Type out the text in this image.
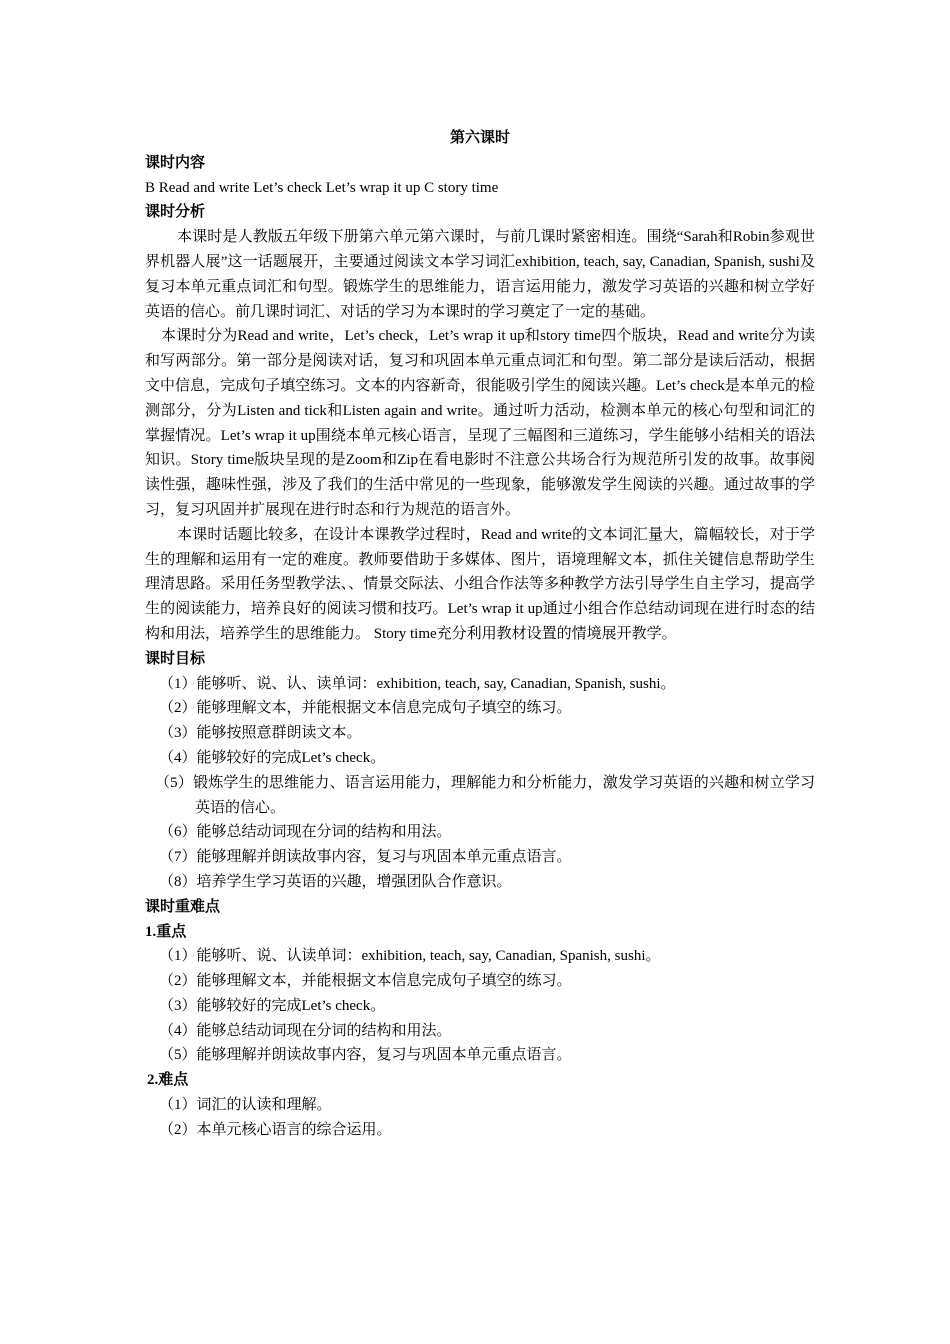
第六课时
课时内容
B Read and write Let’s check Let’s wrap it up C story time
课时分析
本课时是人教版五年级下册第六单元第六课时，与前几课时紧密相连。围绕“Sarah和Robin参观世界机器人展”这一话题展开，主要通过阅读文本学习词汇exhibition, teach, say, Canadian, Spanish, sushi及复习本单元重点词汇和句型。锻炼学生的思维能力，语言运用能力，激发学习英语的兴趣和树立学好英语的信心。前几课时词汇、对话的学习为本课时的学习奠定了一定的基础。
本课时分为Read and write，Let’s check，Let’s wrap it up和story time四个版块，Read and write分为读和写两部分。第一部分是阅读对话，复习和巩固本单元重点词汇和句型。第二部分是读后活动，根据文中信息，完成句子填空练习。文本的内容新奇，很能吸引学生的阅读兴趣。Let’s check是本单元的检测部分，分为Listen and tick和Listen again and write。通过听力活动，检测本单元的核心句型和词汇的掌握情况。Let’s wrap it up围绕本单元核心语言，呈现了三幅图和三道练习，学生能够小结相关的语法知识。Story time版块呈现的是Zoom和Zip在看电影时不注意公共场合行为规范所引发的故事。故事阅读性强，趣味性强，涉及了我们的生活中常见的一些现象，能够激发学生阅读的兴趣。通过故事的学习，复习巩固并扩展现在进行时态和行为规范的语言外。
本课时话题比较多，在设计本课教学过程时，Read and write的文本词汇量大，篇幅较长，对于学生的理解和运用有一定的难度。教师要借助于多媒体、图片，语境理解文本，抓住关键信息帮助学生理清思路。采用任务型教学法、、情景交际法、小组合作法等多种教学方法引导学生自主学习，提高学生的阅读能力，培养良好的阅读习惯和技巧。Let’s wrap it up通过小组合作总结动词现在进行时态的结构和用法，培养学生的思维能力。 Story time充分利用教材设置的情境展开教学。
课时目标
（1）能够听、说、认、读单词：exhibition, teach, say, Canadian, Spanish, sushi。
（2）能够理解文本，并能根据文本信息完成句子填空的练习。
（3）能够按照意群朗读文本。
（4）能够较好的完成Let’s check。
（5）锻炼学生的思维能力、语言运用能力，理解能力和分析能力，激发学习英语的兴趣和树立学习英语的信心。
（6）能够总结动词现在分词的结构和用法。
（7）能够理解并朗读故事内容，复习与巩固本单元重点语言。
（8）培养学生学习英语的兴趣，增强团队合作意识。
课时重难点
1.重点
（1）能够听、说、认读单词：exhibition, teach, say, Canadian, Spanish, sushi。
（2）能够理解文本，并能根据文本信息完成句子填空的练习。
（3）能够较好的完成Let’s check。
（4）能够总结动词现在分词的结构和用法。
（5）能够理解并朗读故事内容，复习与巩固本单元重点语言。
2.难点
（1）词汇的认读和理解。
（2）本单元核心语言的综合运用。
